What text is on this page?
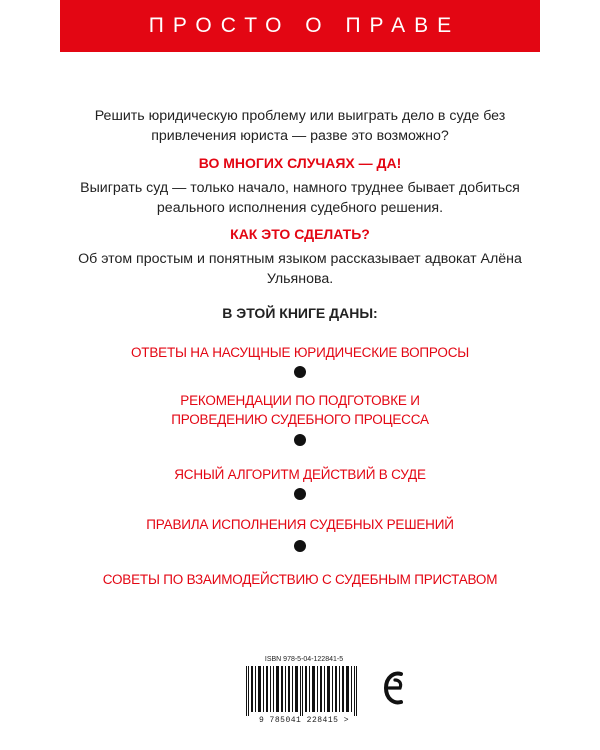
ПРОСТО О ПРАВЕ
Решить юридическую проблему или выиграть дело в суде без привлечения юриста — разве это возможно?
ВО МНОГИХ СЛУЧАЯХ — ДА!
Выиграть суд — только начало, намного труднее бывает добиться реального исполнения судебного решения.
КАК ЭТО СДЕЛАТЬ?
Об этом простым и понятным языком рассказывает адвокат Алёна Ульянова.
В ЭТОЙ КНИГЕ ДАНЫ:
ОТВЕТЫ НА НАСУЩНЫЕ ЮРИДИЧЕСКИЕ ВОПРОСЫ
РЕКОМЕНДАЦИИ ПО ПОДГОТОВКЕ И ПРОВЕДЕНИЮ СУДЕБНОГО ПРОЦЕССА
ЯСНЫЙ АЛГОРИТМ ДЕЙСТВИЙ В СУДЕ
ПРАВИЛА ИСПОЛНЕНИЯ СУДЕБНЫХ РЕШЕНИЙ
СОВЕТЫ ПО ВЗАИМОДЕЙСТВИЮ С СУДЕБНЫМ ПРИСТАВОМ
ISBN 978-5-04-122841-5
9 785041 228415 >
